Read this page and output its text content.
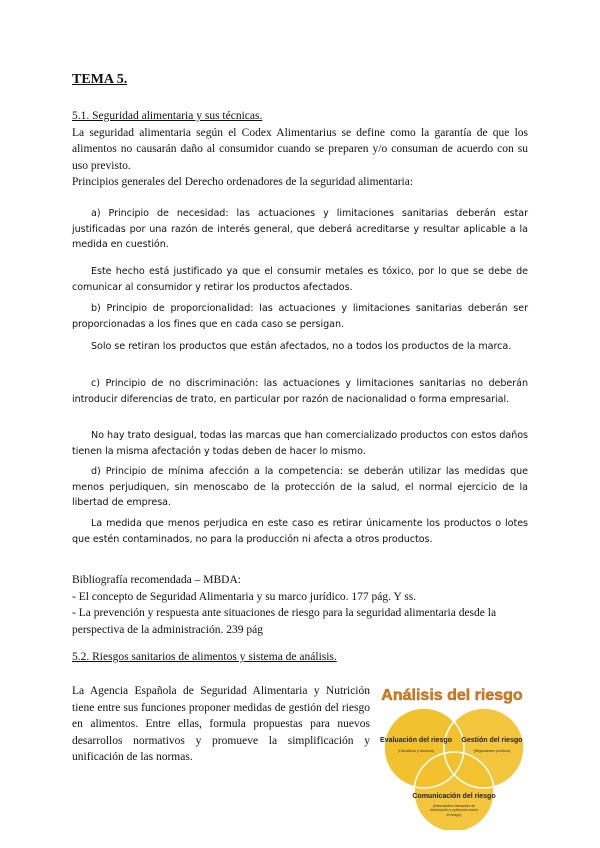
TEMA 5.

5.1. Seguridad alimentaria y sus técnicas.

La seguridad alimentaria según el Codex Alimentarius se define como la garantía de que los alimentos no causarán daño al consumidor cuando se preparen y/o consuman de acuerdo con su uso previsto.

Principios generales del Derecho ordenadores de la seguridad alimentaria:

a) Principio de necesidad: las actuaciones y limitaciones sanitarias deberán estar justificadas por una razón de interés general, que deberá acreditarse y resultar aplicable a la medida en cuestión.
Este hecho está justificado ya que el consumir metales es tóxico, por lo que se debe de comunicar al consumidor y retirar los productos afectados.
b) Principio de proporcionalidad: las actuaciones y limitaciones sanitarias deberán ser proporcionadas a los fines que en cada caso se persigan.
Solo se retiran los productos que están afectados, no a todos los productos de la marca.
c) Principio de no discriminación: las actuaciones y limitaciones sanitarias no deberán introducir diferencias de trato, en particular por razón de nacionalidad o forma empresarial.
No hay trato desigual, todas las marcas que han comercializado productos con estos daños tienen la misma afectación y todas deben de hacer lo mismo.
d) Principio de mínima afección a la competencia: se deberán utilizar las medidas que menos perjudiquen, sin menoscabo de la protección de la salud, el normal ejercicio de la libertad de empresa.
La medida que menos perjudica en este caso es retirar únicamente los productos o lotes que estén contaminados, no para la producción ni afecta a otros productos.

Bibliografía recomendada – MBDA:

- El concepto de Seguridad Alimentaria y su marco jurídico. 177 pág. Y ss.

- La prevención y respuesta ante situaciones de riesgo para la seguridad alimentaria desde la perspectiva de la administración. 239 pág

5.2. Riesgos sanitarios de alimentos y sistema de análisis.

La Agencia Española de Seguridad Alimentaria y Nutrición tiene entre sus funciones proponer medidas de gestión del riesgo en alimentos. Entre ellas, formula propuestas para nuevos desarrollos normativos y promueve la simplificación y unificación de las normas.
Análisis del riesgo
Evaluación del riesgo
(Científicos y técnicos)
Gestión del riesgo
(Reguladores políticos)
Comunicación del riesgo
(Intercambio interactivo de información y opiniones sobre el riesgo)
